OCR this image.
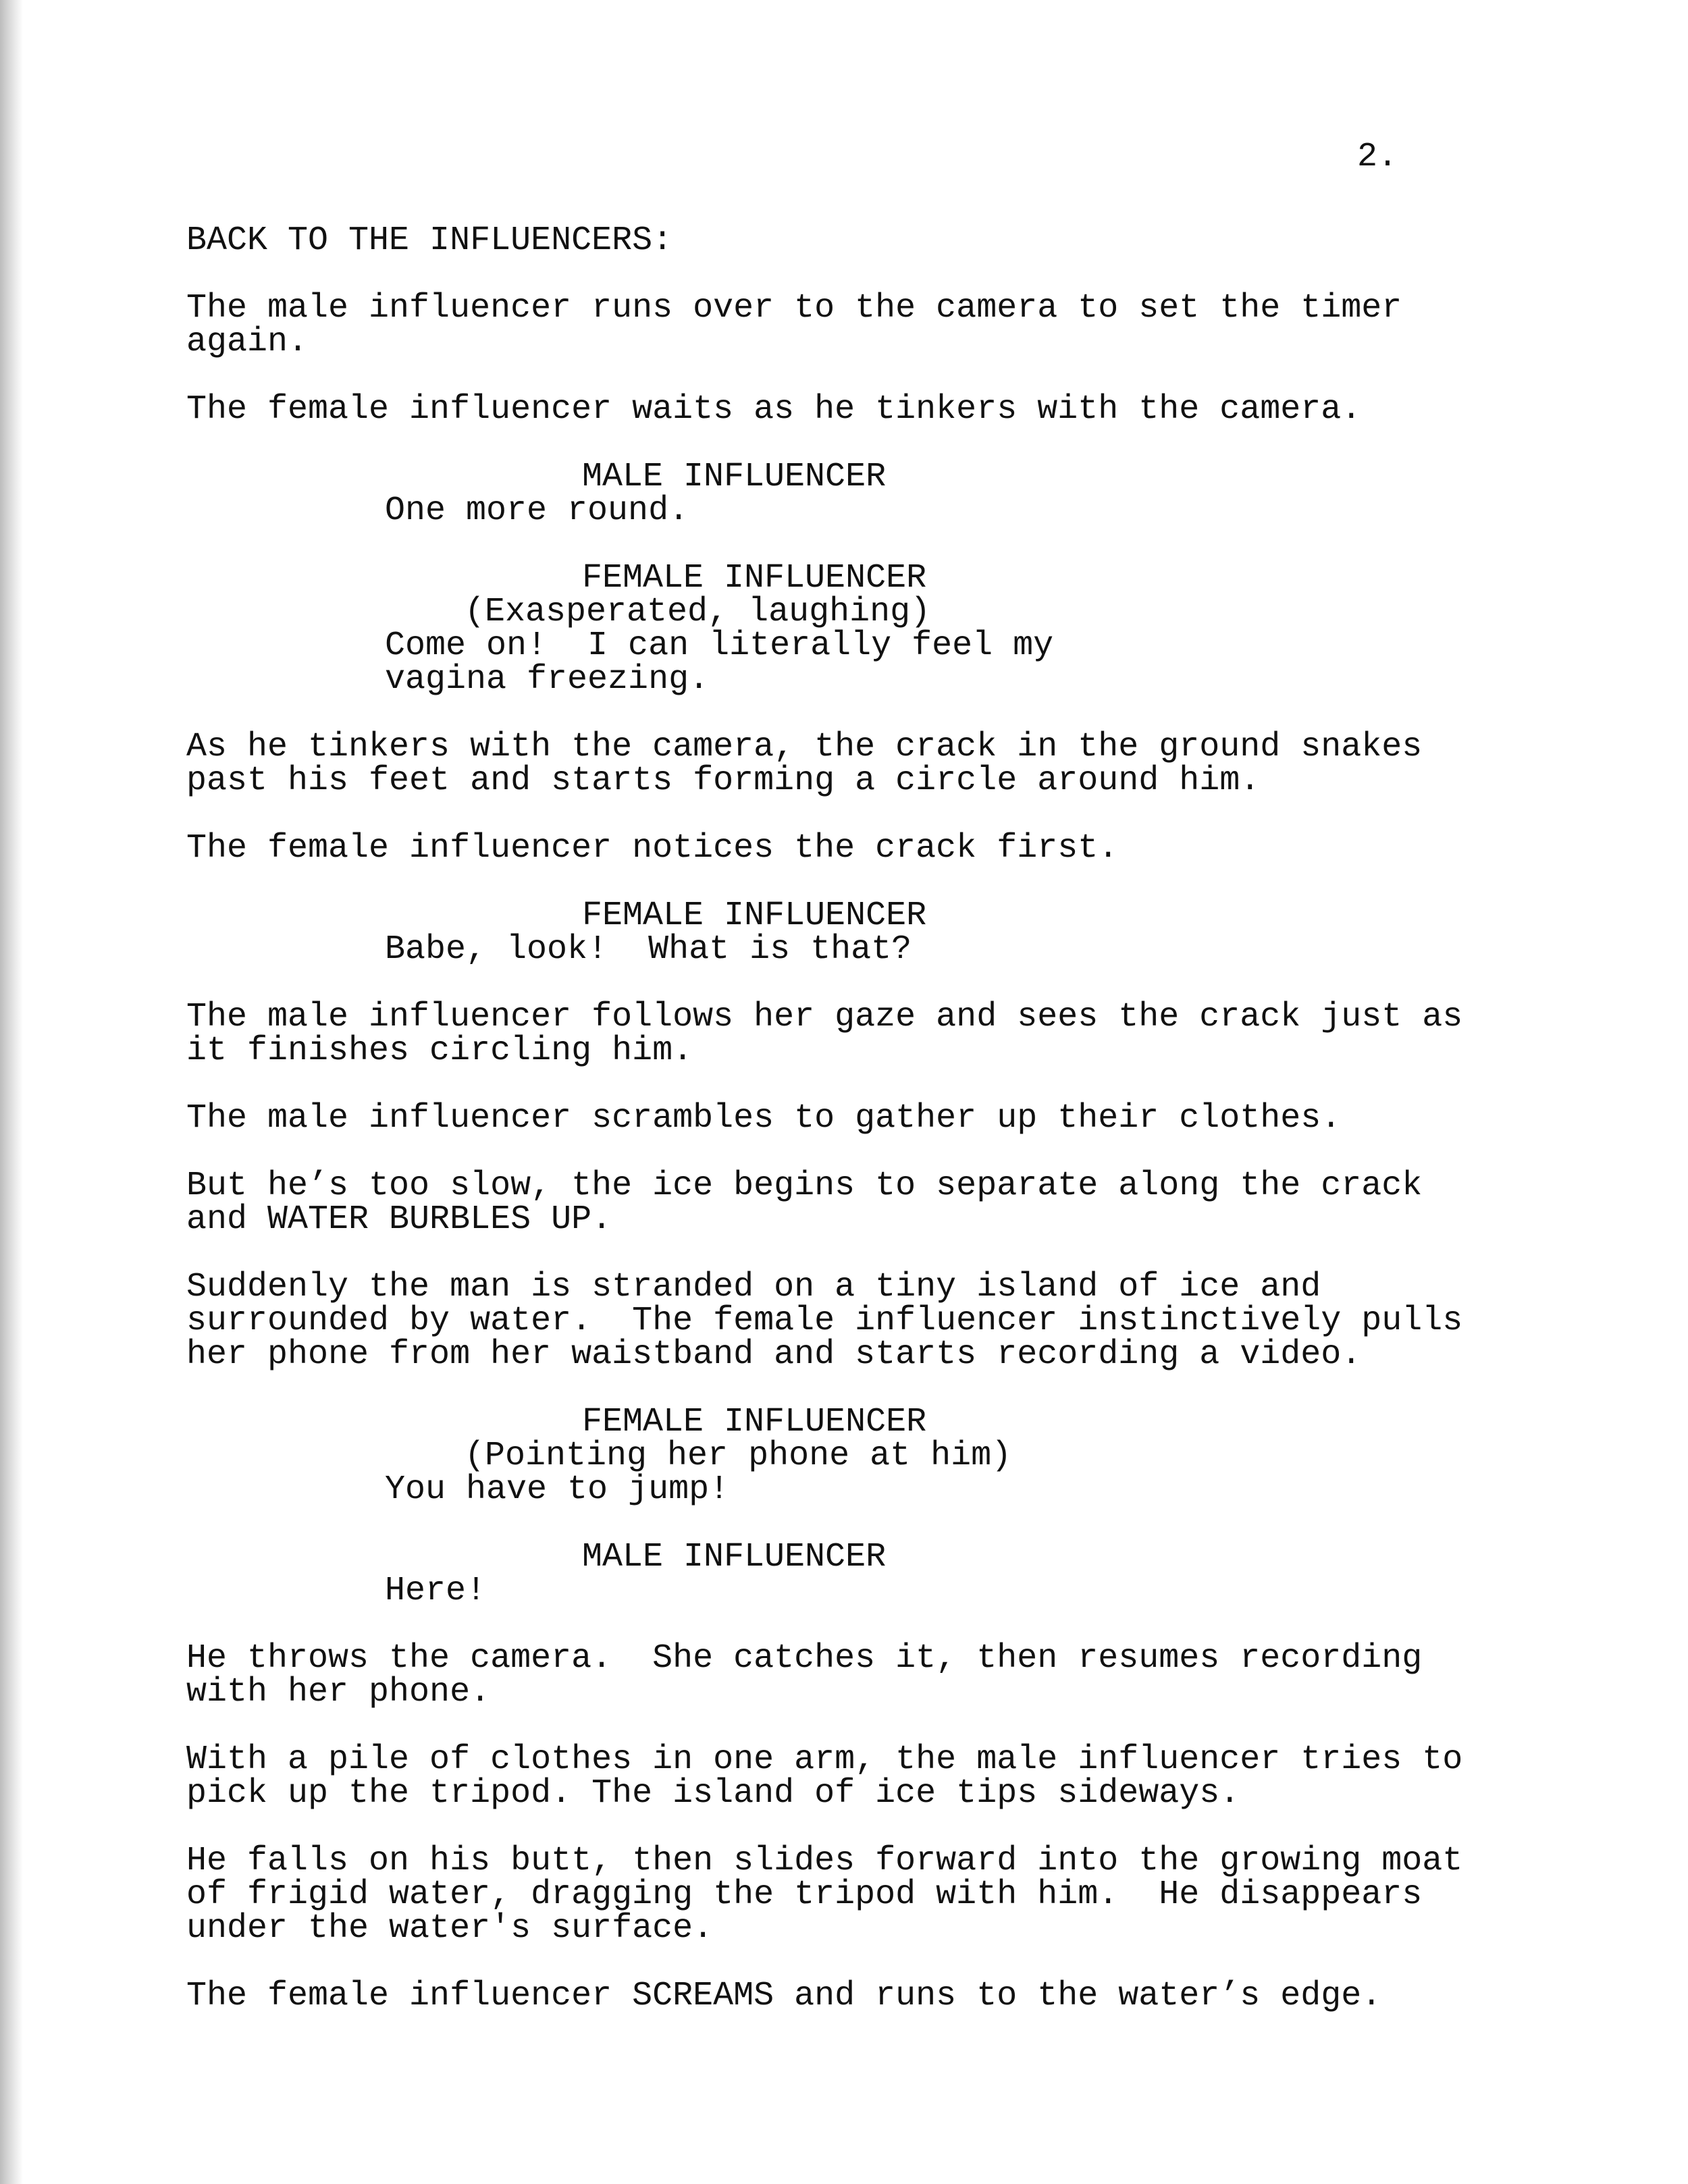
2.
BACK TO THE INFLUENCERS:
The male influencer runs over to the camera to set the timer
again.
The female influencer waits as he tinkers with the camera.
MALE INFLUENCER
One more round.
FEMALE INFLUENCER
(Exasperated, laughing)
Come on!  I can literally feel my
vagina freezing.
As he tinkers with the camera, the crack in the ground snakes
past his feet and starts forming a circle around him.
The female influencer notices the crack first.
FEMALE INFLUENCER
Babe, look!  What is that?
The male influencer follows her gaze and sees the crack just as
it finishes circling him.
The male influencer scrambles to gather up their clothes.
But he’s too slow, the ice begins to separate along the crack
and WATER BURBLES UP.
Suddenly the man is stranded on a tiny island of ice and
surrounded by water.  The female influencer instinctively pulls
her phone from her waistband and starts recording a video.
FEMALE INFLUENCER
(Pointing her phone at him)
You have to jump!
MALE INFLUENCER
Here!
He throws the camera.  She catches it, then resumes recording
with her phone.
With a pile of clothes in one arm, the male influencer tries to
pick up the tripod. The island of ice tips sideways.
He falls on his butt, then slides forward into the growing moat
of frigid water, dragging the tripod with him.  He disappears
under the water's surface.
The female influencer SCREAMS and runs to the water’s edge.
